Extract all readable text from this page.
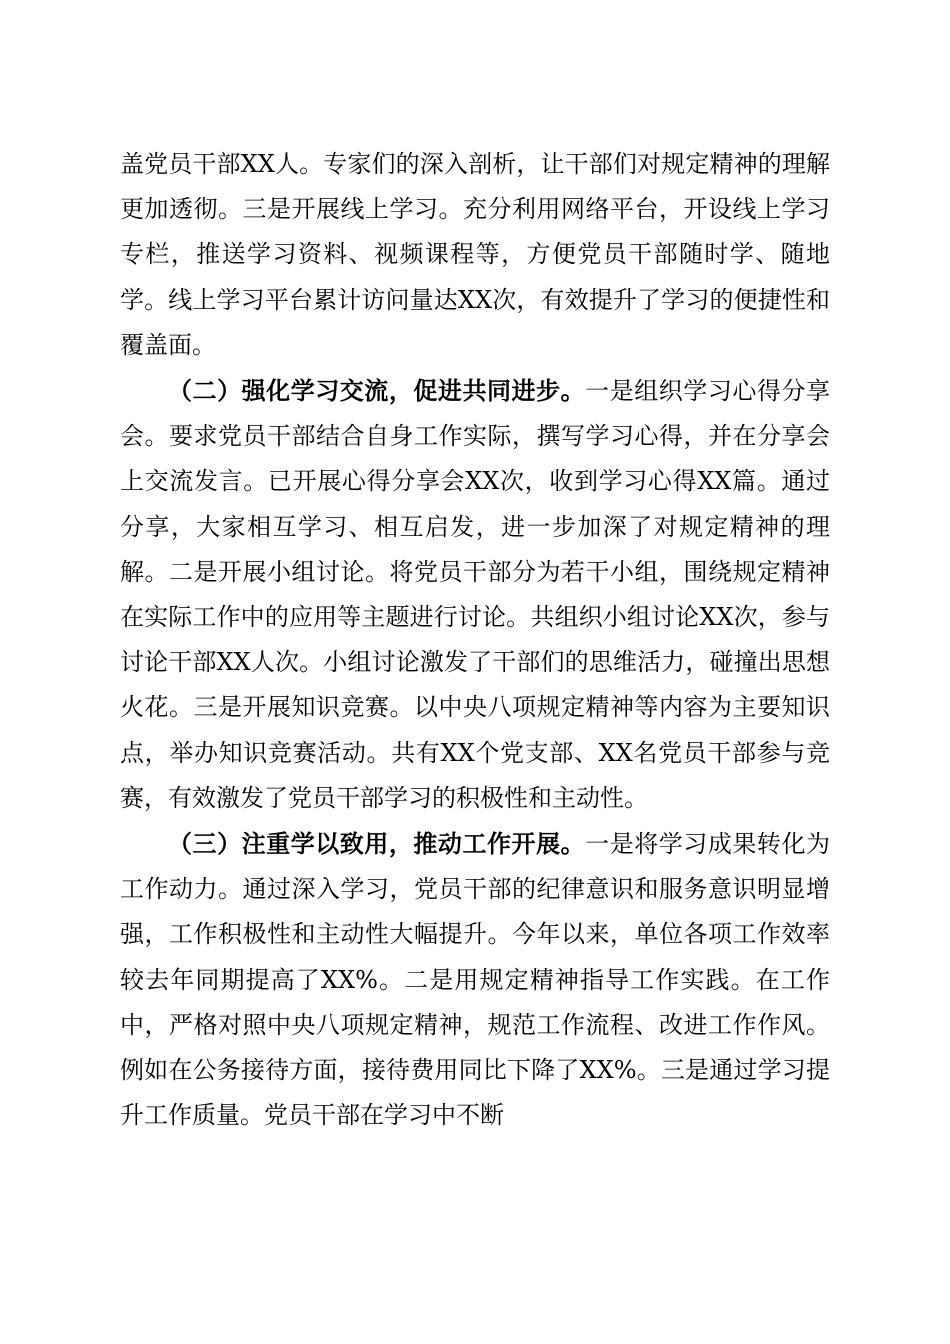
盖党员干部XX人。专家们的深入剖析，让干部们对规定精神的理解更加透彻。三是开展线上学习。充分利用网络平台，开设线上学习专栏，推送学习资料、视频课程等，方便党员干部随时学、随地学。线上学习平台累计访问量达XX次，有效提升了学习的便捷性和覆盖面。

（二）强化学习交流，促进共同进步。一是组织学习心得分享会。要求党员干部结合自身工作实际，撰写学习心得，并在分享会上交流发言。已开展心得分享会XX次，收到学习心得XX篇。通过分享，大家相互学习、相互启发，进一步加深了对规定精神的理解。二是开展小组讨论。将党员干部分为若干小组，围绕规定精神在实际工作中的应用等主题进行讨论。共组织小组讨论XX次，参与讨论干部XX人次。小组讨论激发了干部们的思维活力，碰撞出思想火花。三是开展知识竞赛。以中央八项规定精神等内容为主要知识点，举办知识竞赛活动。共有XX个党支部、XX名党员干部参与竞赛，有效激发了党员干部学习的积极性和主动性。

（三）注重学以致用，推动工作开展。一是将学习成果转化为工作动力。通过深入学习，党员干部的纪律意识和服务意识明显增强，工作积极性和主动性大幅提升。今年以来，单位各项工作效率较去年同期提高了XX%。二是用规定精神指导工作实践。在工作中，严格对照中央八项规定精神，规范工作流程、改进工作作风。例如在公务接待方面，接待费用同比下降了XX%。三是通过学习提升工作质量。党员干部在学习中不断
